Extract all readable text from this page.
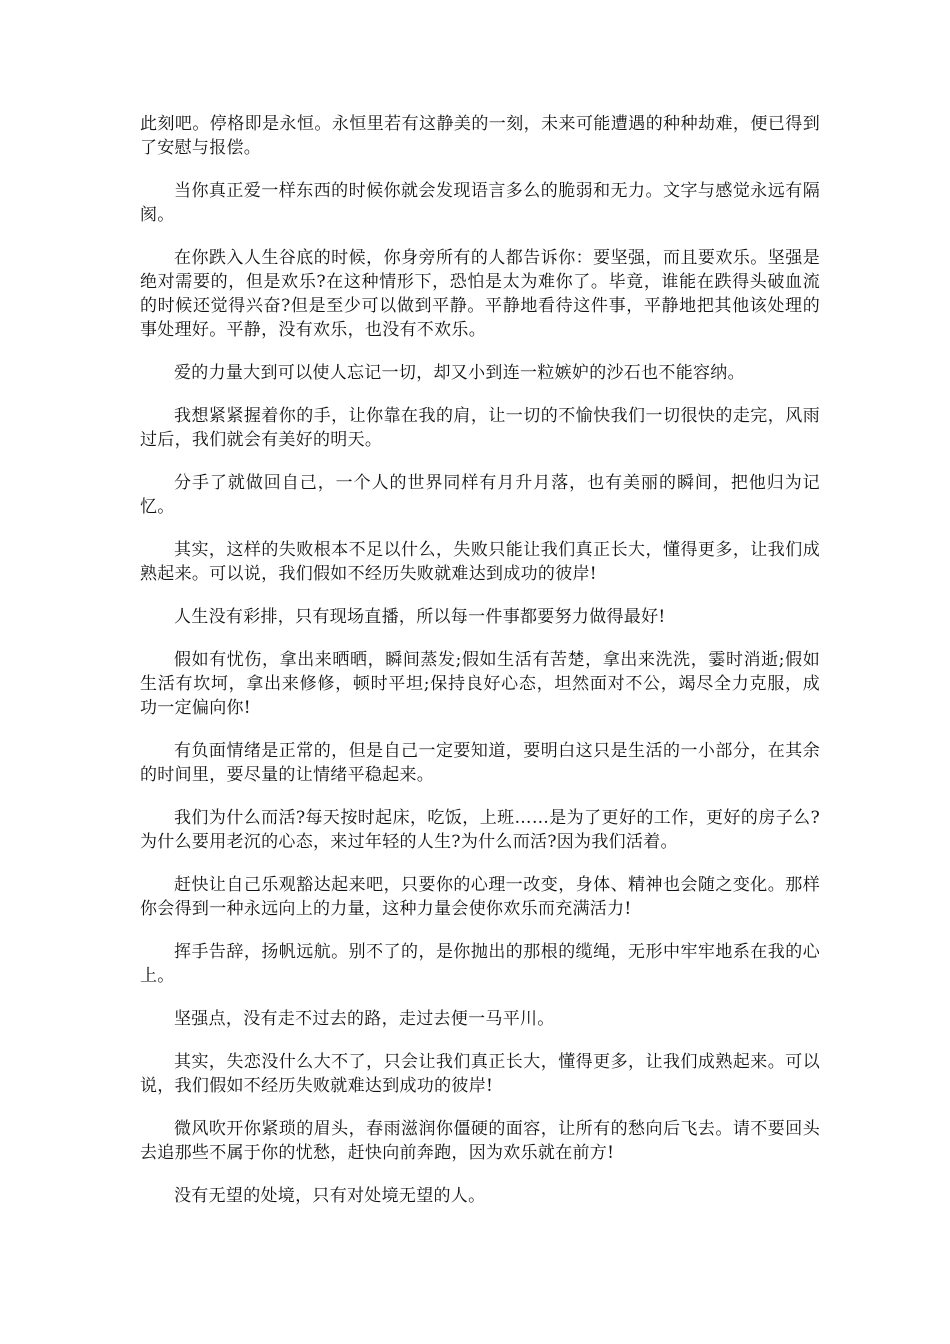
此刻吧。停格即是永恒。永恒里若有这静美的一刻，未来可能遭遇的种种劫难，便已得到了安慰与报偿。

当你真正爱一样东西的时候你就会发现语言多么的脆弱和无力。文字与感觉永远有隔阂。

在你跌入人生谷底的时候，你身旁所有的人都告诉你：要坚强，而且要欢乐。坚强是绝对需要的，但是欢乐?在这种情形下，恐怕是太为难你了。毕竟，谁能在跌得头破血流的时候还觉得兴奋?但是至少可以做到平静。平静地看待这件事，平静地把其他该处理的事处理好。平静，没有欢乐，也没有不欢乐。

爱的力量大到可以使人忘记一切，却又小到连一粒嫉妒的沙石也不能容纳。

我想紧紧握着你的手，让你靠在我的肩，让一切的不愉快我们一切很快的走完，风雨过后，我们就会有美好的明天。

分手了就做回自己，一个人的世界同样有月升月落，也有美丽的瞬间，把他归为记忆。

其实，这样的失败根本不足以什么，失败只能让我们真正长大，懂得更多，让我们成熟起来。可以说，我们假如不经历失败就难达到成功的彼岸!

人生没有彩排，只有现场直播，所以每一件事都要努力做得最好!

假如有忧伤，拿出来晒晒，瞬间蒸发;假如生活有苦楚，拿出来洗洗，霎时消逝;假如生活有坎坷，拿出来修修，顿时平坦;保持良好心态，坦然面对不公，竭尽全力克服，成功一定偏向你!

有负面情绪是正常的，但是自己一定要知道，要明白这只是生活的一小部分，在其余的时间里，要尽量的让情绪平稳起来。

我们为什么而活?每天按时起床，吃饭，上班……是为了更好的工作，更好的房子么?为什么要用老沉的心态，来过年轻的人生?为什么而活?因为我们活着。

赶快让自己乐观豁达起来吧，只要你的心理一改变，身体、精神也会随之变化。那样你会得到一种永远向上的力量，这种力量会使你欢乐而充满活力!

挥手告辞，扬帆远航。别不了的，是你抛出的那根的缆绳，无形中牢牢地系在我的心上。

坚强点，没有走不过去的路，走过去便一马平川。

其实，失恋没什么大不了，只会让我们真正长大，懂得更多，让我们成熟起来。可以说，我们假如不经历失败就难达到成功的彼岸!

微风吹开你紧琐的眉头，春雨滋润你僵硬的面容，让所有的愁向后飞去。请不要回头去追那些不属于你的忧愁，赶快向前奔跑，因为欢乐就在前方!

没有无望的处境，只有对处境无望的人。
